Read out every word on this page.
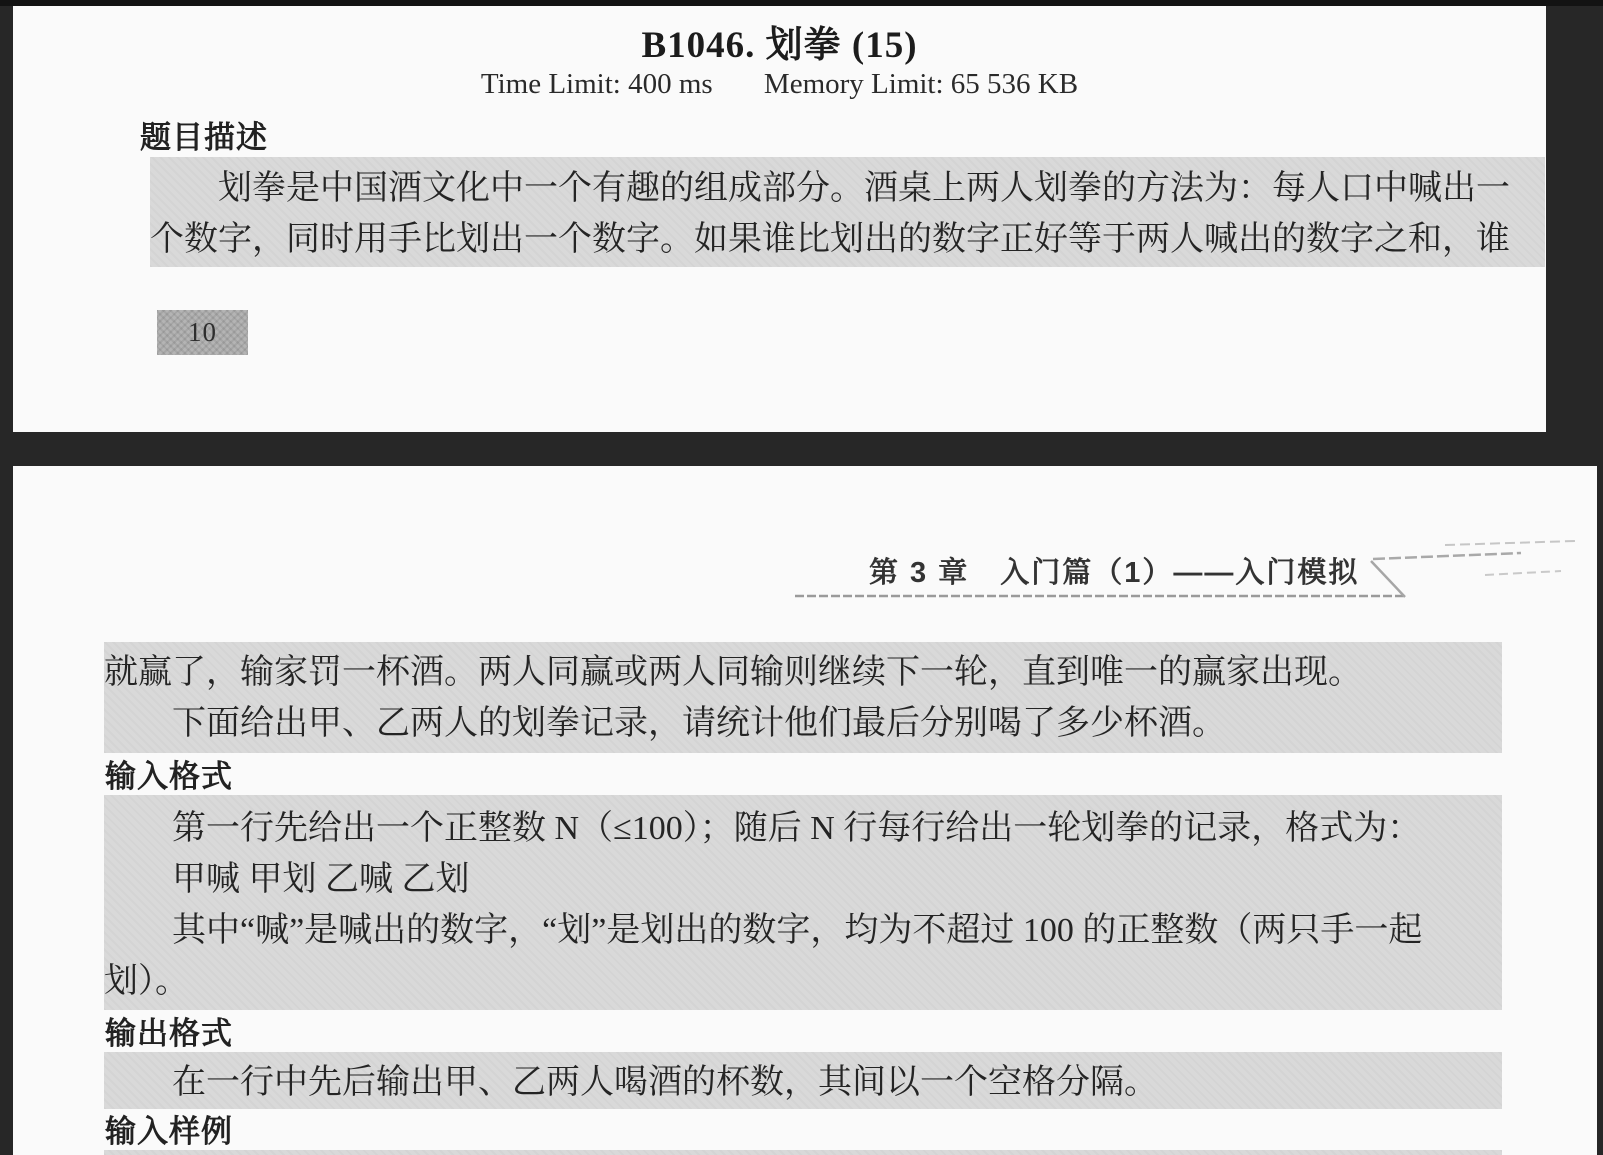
B1046. 划拳 (15)
Time Limit: 400 ms Memory Limit: 65 536 KB
题目描述
划拳是中国酒文化中一个有趣的组成部分。酒桌上两人划拳的方法为：每人口中喊出一
个数字，同时用手比划出一个数字。如果谁比划出的数字正好等于两人喊出的数字之和，谁
10
第 3 章　入门篇（1）——入门模拟
就赢了，输家罚一杯酒。两人同赢或两人同输则继续下一轮，直到唯一的赢家出现。
下面给出甲、乙两人的划拳记录，请统计他们最后分别喝了多少杯酒。
输入格式
第一行先给出一个正整数 N（≤100）；随后 N 行每行给出一轮划拳的记录，格式为：
甲喊 甲划 乙喊 乙划
其中“喊”是喊出的数字，“划”是划出的数字，均为不超过 100 的正整数（两只手一起
划）。
输出格式
在一行中先后输出甲、乙两人喝酒的杯数，其间以一个空格分隔。
输入样例
